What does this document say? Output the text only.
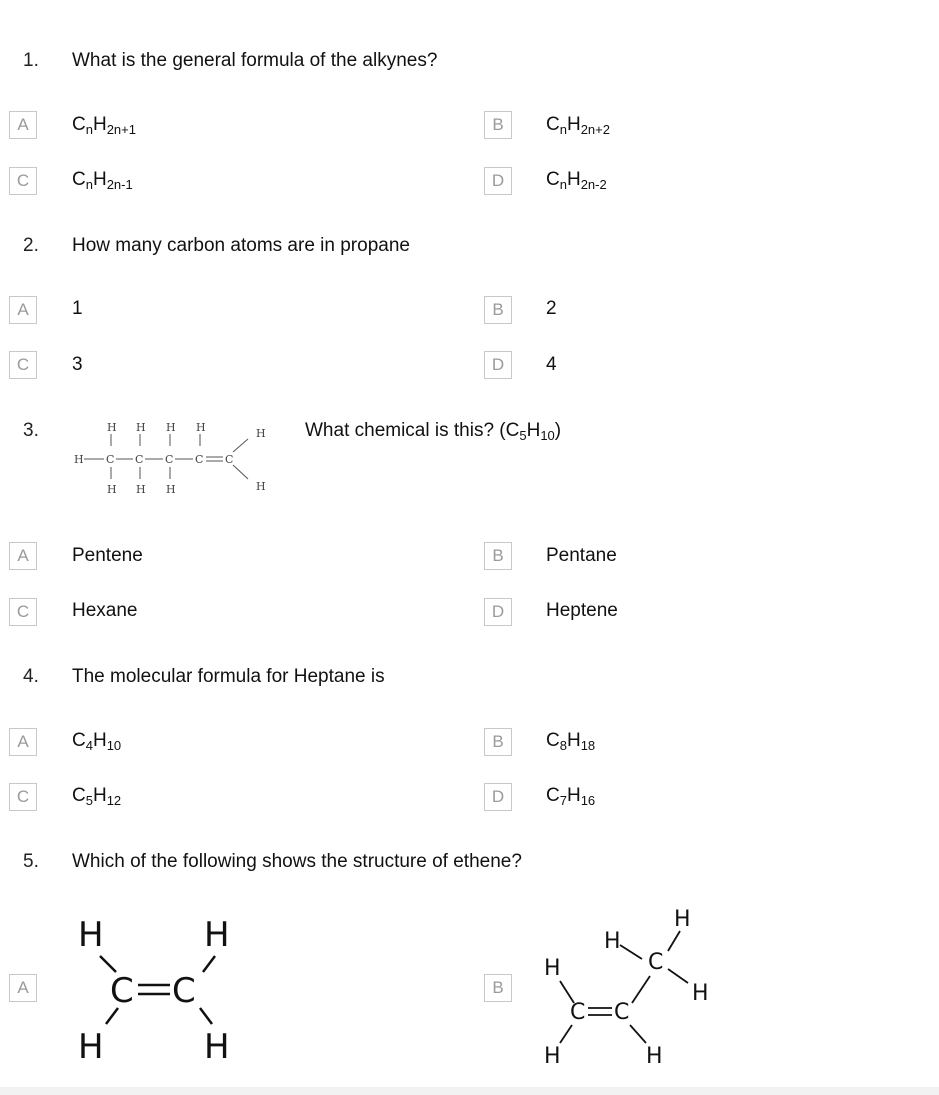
1. What is the general formula of the alkynes?
A	$C_nH_{2n+1}$	B	$C_nH_{2n+2}$
C	$C_nH_{2n-1}$	D	$C_nH_{2n-2}$
2. How many carbon atoms are in propane
A	1	B	2
C	3	D	4
3.	H H H H
H C C C C C
H H H
H
H
What chemical is this? $(C_5H_{10})$
A	Pentene	B	Pentane
C	Hexane	D	Heptene
4. The molecular formula for Heptane is
A	$C_4H_{10}$	B	$C_8H_{18}$
C	$C_5H_{12}$	D	$C_7H_{16}$
5. Which of the following shows the structure of ethene?
A
H	H
C C
H	H
B
H
H
C
H
H
C C
H	H
